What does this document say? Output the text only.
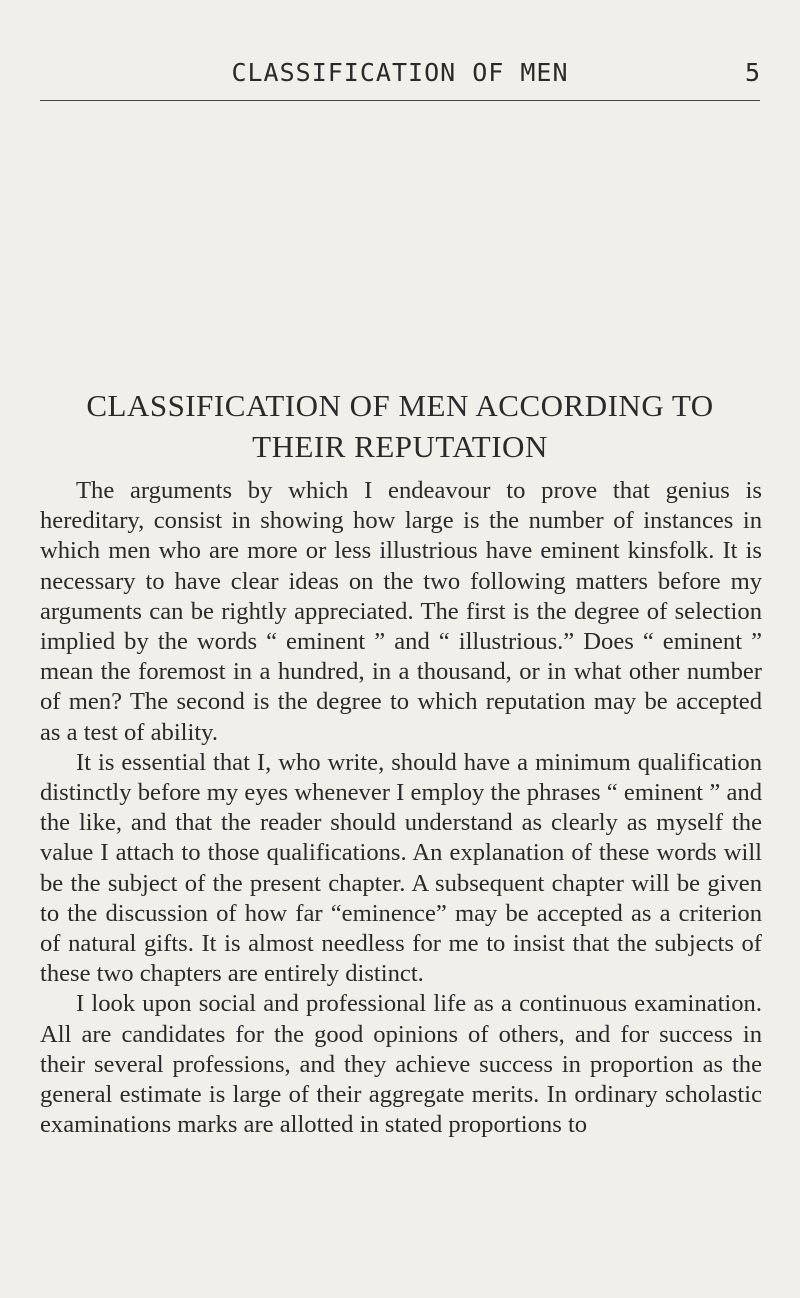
CLASSIFICATION OF MEN	5
CLASSIFICATION OF MEN ACCORDING TO
THEIR REPUTATION

The arguments by which I endeavour to prove that genius is hereditary, consist in showing how large is the number of instances in which men who are more or less illustrious have eminent kinsfolk. It is necessary to have clear ideas on the two following matters before my arguments can be rightly appreciated. The first is the degree of selection implied by the words “ eminent ” and “ illustrious.” Does “ eminent ” mean the foremost in a hundred, in a thousand, or in what other number of men? The second is the degree to which reputation may be accepted as a test of ability.

It is essential that I, who write, should have a minimum qualification distinctly before my eyes whenever I employ the phrases “ eminent ” and the like, and that the reader should understand as clearly as myself the value I attach to those qualifications. An explanation of these words will be the subject of the present chapter. A subsequent chapter will be given to the discussion of how far “eminence” may be accepted as a criterion of natural gifts. It is almost needless for me to insist that the subjects of these two chapters are entirely distinct.

I look upon social and professional life as a continuous examination. All are candidates for the good opinions of others, and for success in their several professions, and they achieve success in proportion as the general estimate is large of their aggregate merits. In ordinary scholastic examinations marks are allotted in stated proportions to
